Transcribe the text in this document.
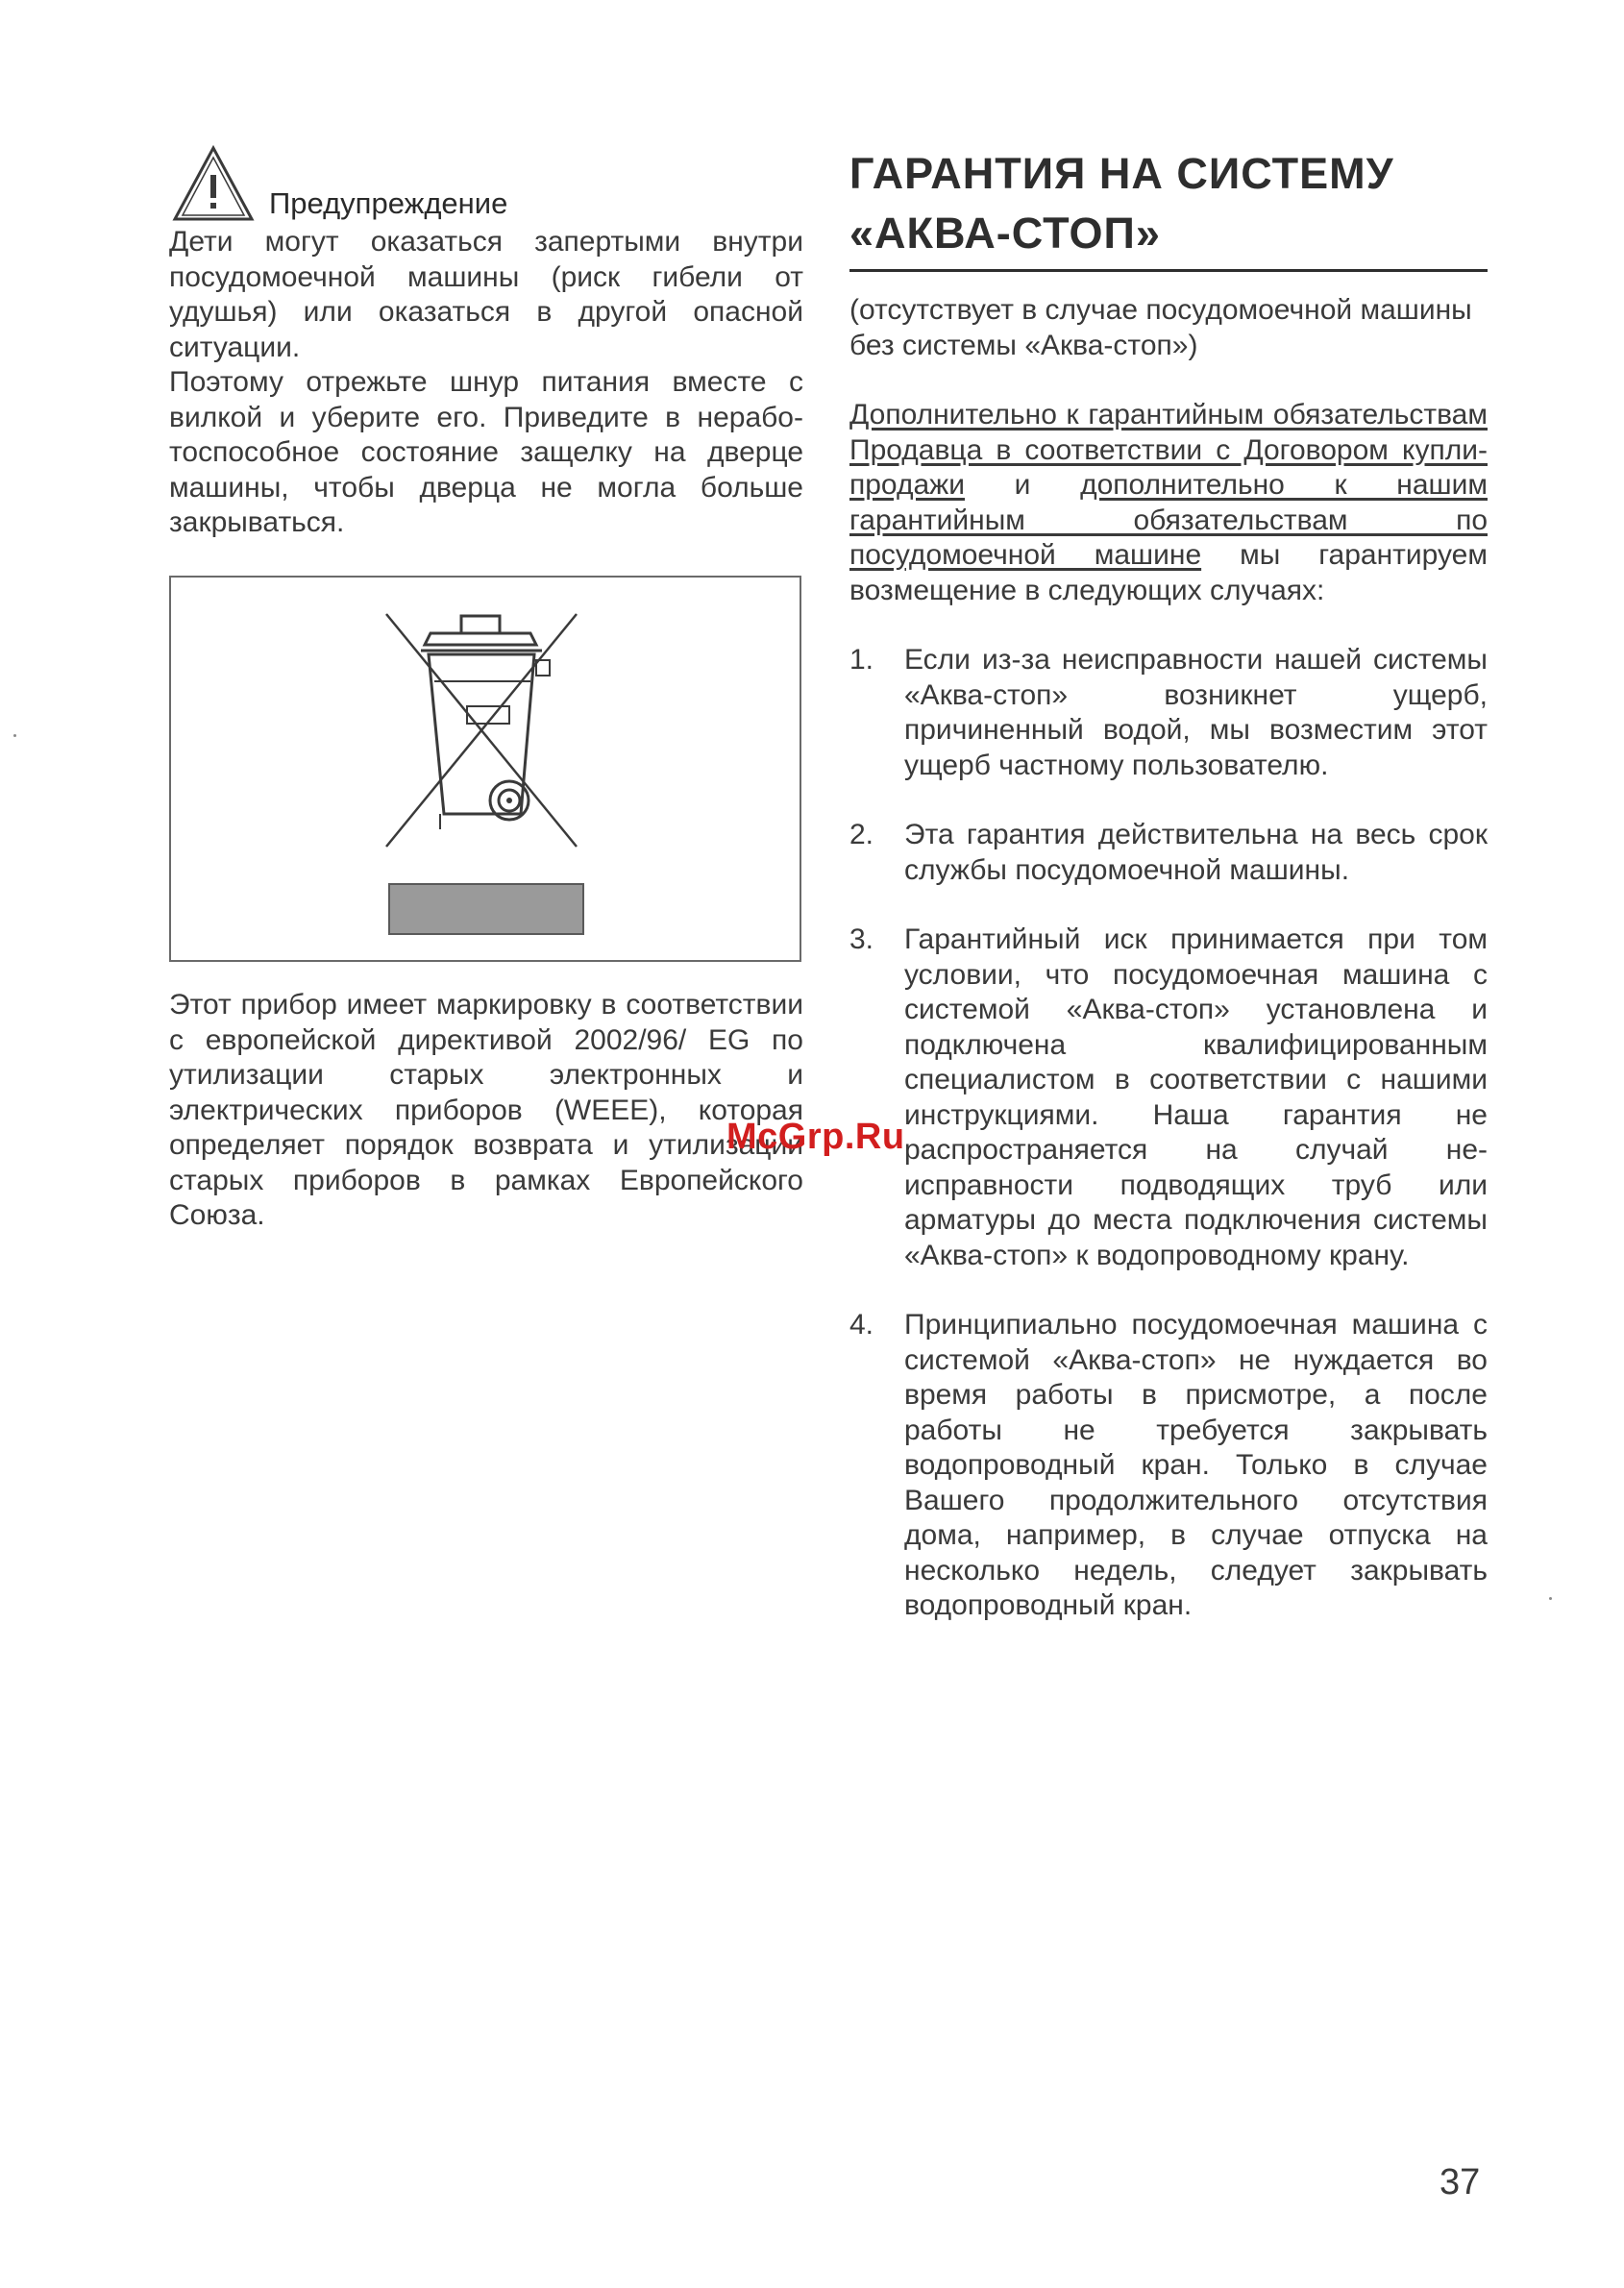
Предупреждение

Дети могут оказаться запертыми внутри посудомоечной машины (риск гибели от удушья) или оказаться в другой опасной ситуации.

Поэтому отрежьте шнур питания вместе с вилкой и уберите его. Приведите в неработоспособное состояние защелку на дверце машины, чтобы дверца не могла больше закрываться.

Этот прибор имеет маркировку в соответствии с европейской директивой 2002/96/ EG по утилизации старых электронных и электрических приборов (WEEE), которая определяет порядок возврата и утилизации старых приборов в рамках Европейского Союза.

McGrp.Ru
ГАРАНТИЯ НА СИСТЕМУ
«АКВА-СТОП»

(отсутствует в случае посудомоечной машины без системы «Аква-стоп»)

Дополнительно к гарантийным обязательствам Продавца в соответствии с Договором купли-продажи и дополнительно к нашим гарантийным обязательствам по посудомоечной машине мы гарантируем возмещение в следующих случаях:

1.	Если из-за неисправности нашей системы «Аква-стоп» возникнет ущерб, причиненный водой, мы возместим этот ущерб частному пользователю.

2.	Эта гарантия действительна на весь срок службы посудомоечной машины.

3.	Гарантийный иск принимается при том условии, что посудомоечная машина с системой «Аква-стоп» установлена и подключена квалифицированным специалистом в соответствии с нашими инструкциями. Наша гарантия не распространяется на случай неисправности подводящих труб или арматуры до места подключения системы «Аква-стоп» к водопроводному крану.

4.	Принципиально посудомоечная машина с системой «Аква-стоп» не нуждается во время работы в присмотре, а после работы не требуется закрывать водопроводный кран. Только в случае Вашего продолжительного отсутствия дома, например, в случае отпуска на несколько недель, следует закрывать водопроводный кран.

37
